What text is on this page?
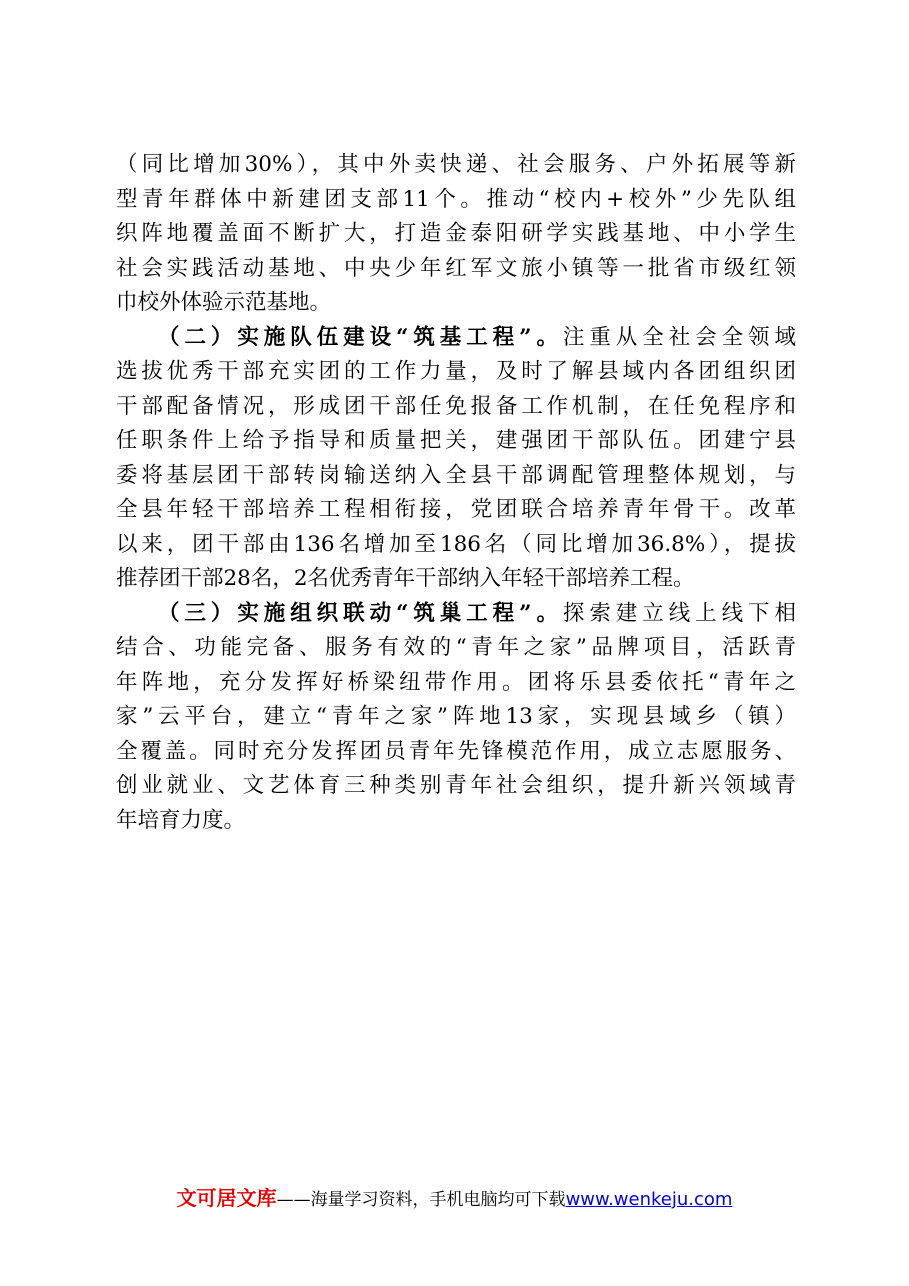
（同比增加30%），其中外卖快递、社会服务、户外拓展等新
型青年群体中新建团支部11个。推动“校内+校外”少先队组
织阵地覆盖面不断扩大，打造金泰阳研学实践基地、中小学生
社会实践活动基地、中央少年红军文旅小镇等一批省市级红领
巾校外体验示范基地。
（二）实施队伍建设“筑基工程”。注重从全社会全领域
选拔优秀干部充实团的工作力量，及时了解县域内各团组织团
干部配备情况，形成团干部任免报备工作机制，在任免程序和
任职条件上给予指导和质量把关，建强团干部队伍。团建宁县
委将基层团干部转岗输送纳入全县干部调配管理整体规划，与
全县年轻干部培养工程相衔接，党团联合培养青年骨干。改革
以来，团干部由136名增加至186名（同比增加36.8%），提拔
推荐团干部28名，2名优秀青年干部纳入年轻干部培养工程。
（三）实施组织联动“筑巢工程”。探索建立线上线下相
结合、功能完备、服务有效的“青年之家”品牌项目，活跃青
年阵地，充分发挥好桥梁纽带作用。团将乐县委依托“青年之
家”云平台，建立“青年之家”阵地13家，实现县域乡（镇）
全覆盖。同时充分发挥团员青年先锋模范作用，成立志愿服务、
创业就业、文艺体育三种类别青年社会组织，提升新兴领域青
年培育力度。
文可居文库——海量学习资料，手机电脑均可下载www.wenkeju.com
